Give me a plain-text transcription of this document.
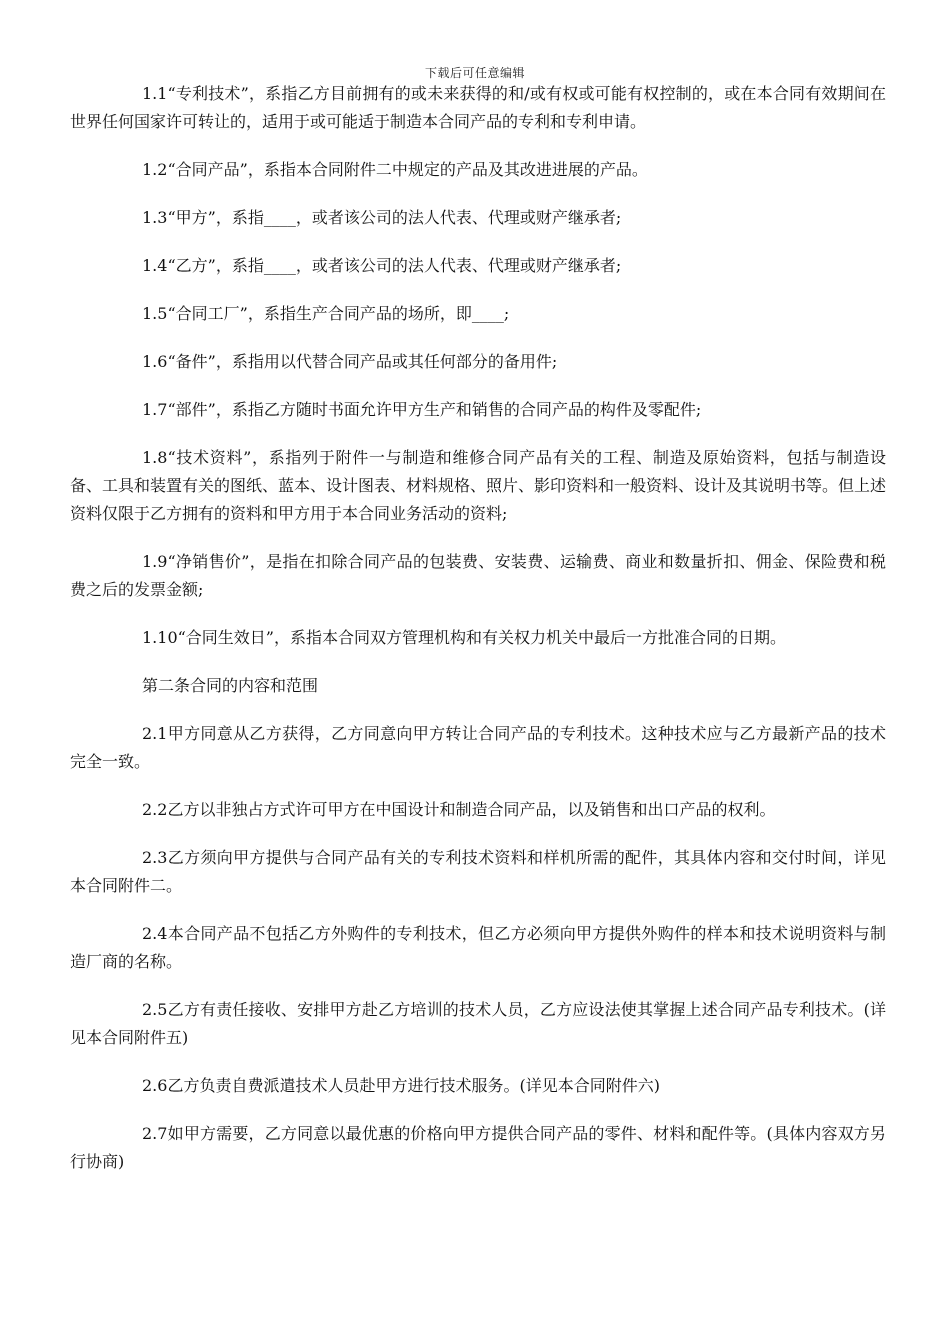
下载后可任意编辑

1.1“专利技术”，系指乙方目前拥有的或未来获得的和/或有权或可能有权控制的，或在本合同有效期间在世界任何国家许可转让的，适用于或可能适于制造本合同产品的专利和专利申请。

1.2“合同产品”，系指本合同附件二中规定的产品及其改进进展的产品。

1.3“甲方”，系指____，或者该公司的法人代表、代理或财产继承者;

1.4“乙方”，系指____，或者该公司的法人代表、代理或财产继承者;

1.5“合同工厂”，系指生产合同产品的场所，即____;

1.6“备件”，系指用以代替合同产品或其任何部分的备用件;

1.7“部件”，系指乙方随时书面允许甲方生产和销售的合同产品的构件及零配件;

1.8“技术资料”，系指列于附件一与制造和维修合同产品有关的工程、制造及原始资料，包括与制造设备、工具和装置有关的图纸、蓝本、设计图表、材料规格、照片、影印资料和一般资料、设计及其说明书等。但上述资料仅限于乙方拥有的资料和甲方用于本合同业务活动的资料;

1.9“净销售价”，是指在扣除合同产品的包装费、安装费、运输费、商业和数量折扣、佣金、保险费和税费之后的发票金额;

1.10“合同生效日”，系指本合同双方管理机构和有关权力机关中最后一方批准合同的日期。

第二条合同的内容和范围

2.1甲方同意从乙方获得，乙方同意向甲方转让合同产品的专利技术。这种技术应与乙方最新产品的技术完全一致。

2.2乙方以非独占方式许可甲方在中国设计和制造合同产品，以及销售和出口产品的权利。

2.3乙方须向甲方提供与合同产品有关的专利技术资料和样机所需的配件，其具体内容和交付时间，详见本合同附件二。

2.4本合同产品不包括乙方外购件的专利技术，但乙方必须向甲方提供外购件的样本和技术说明资料与制造厂商的名称。

2.5乙方有责任接收、安排甲方赴乙方培训的技术人员，乙方应设法使其掌握上述合同产品专利技术。(详见本合同附件五)

2.6乙方负责自费派遣技术人员赴甲方进行技术服务。(详见本合同附件六)

2.7如甲方需要，乙方同意以最优惠的价格向甲方提供合同产品的零件、材料和配件等。(具体内容双方另行协商)
